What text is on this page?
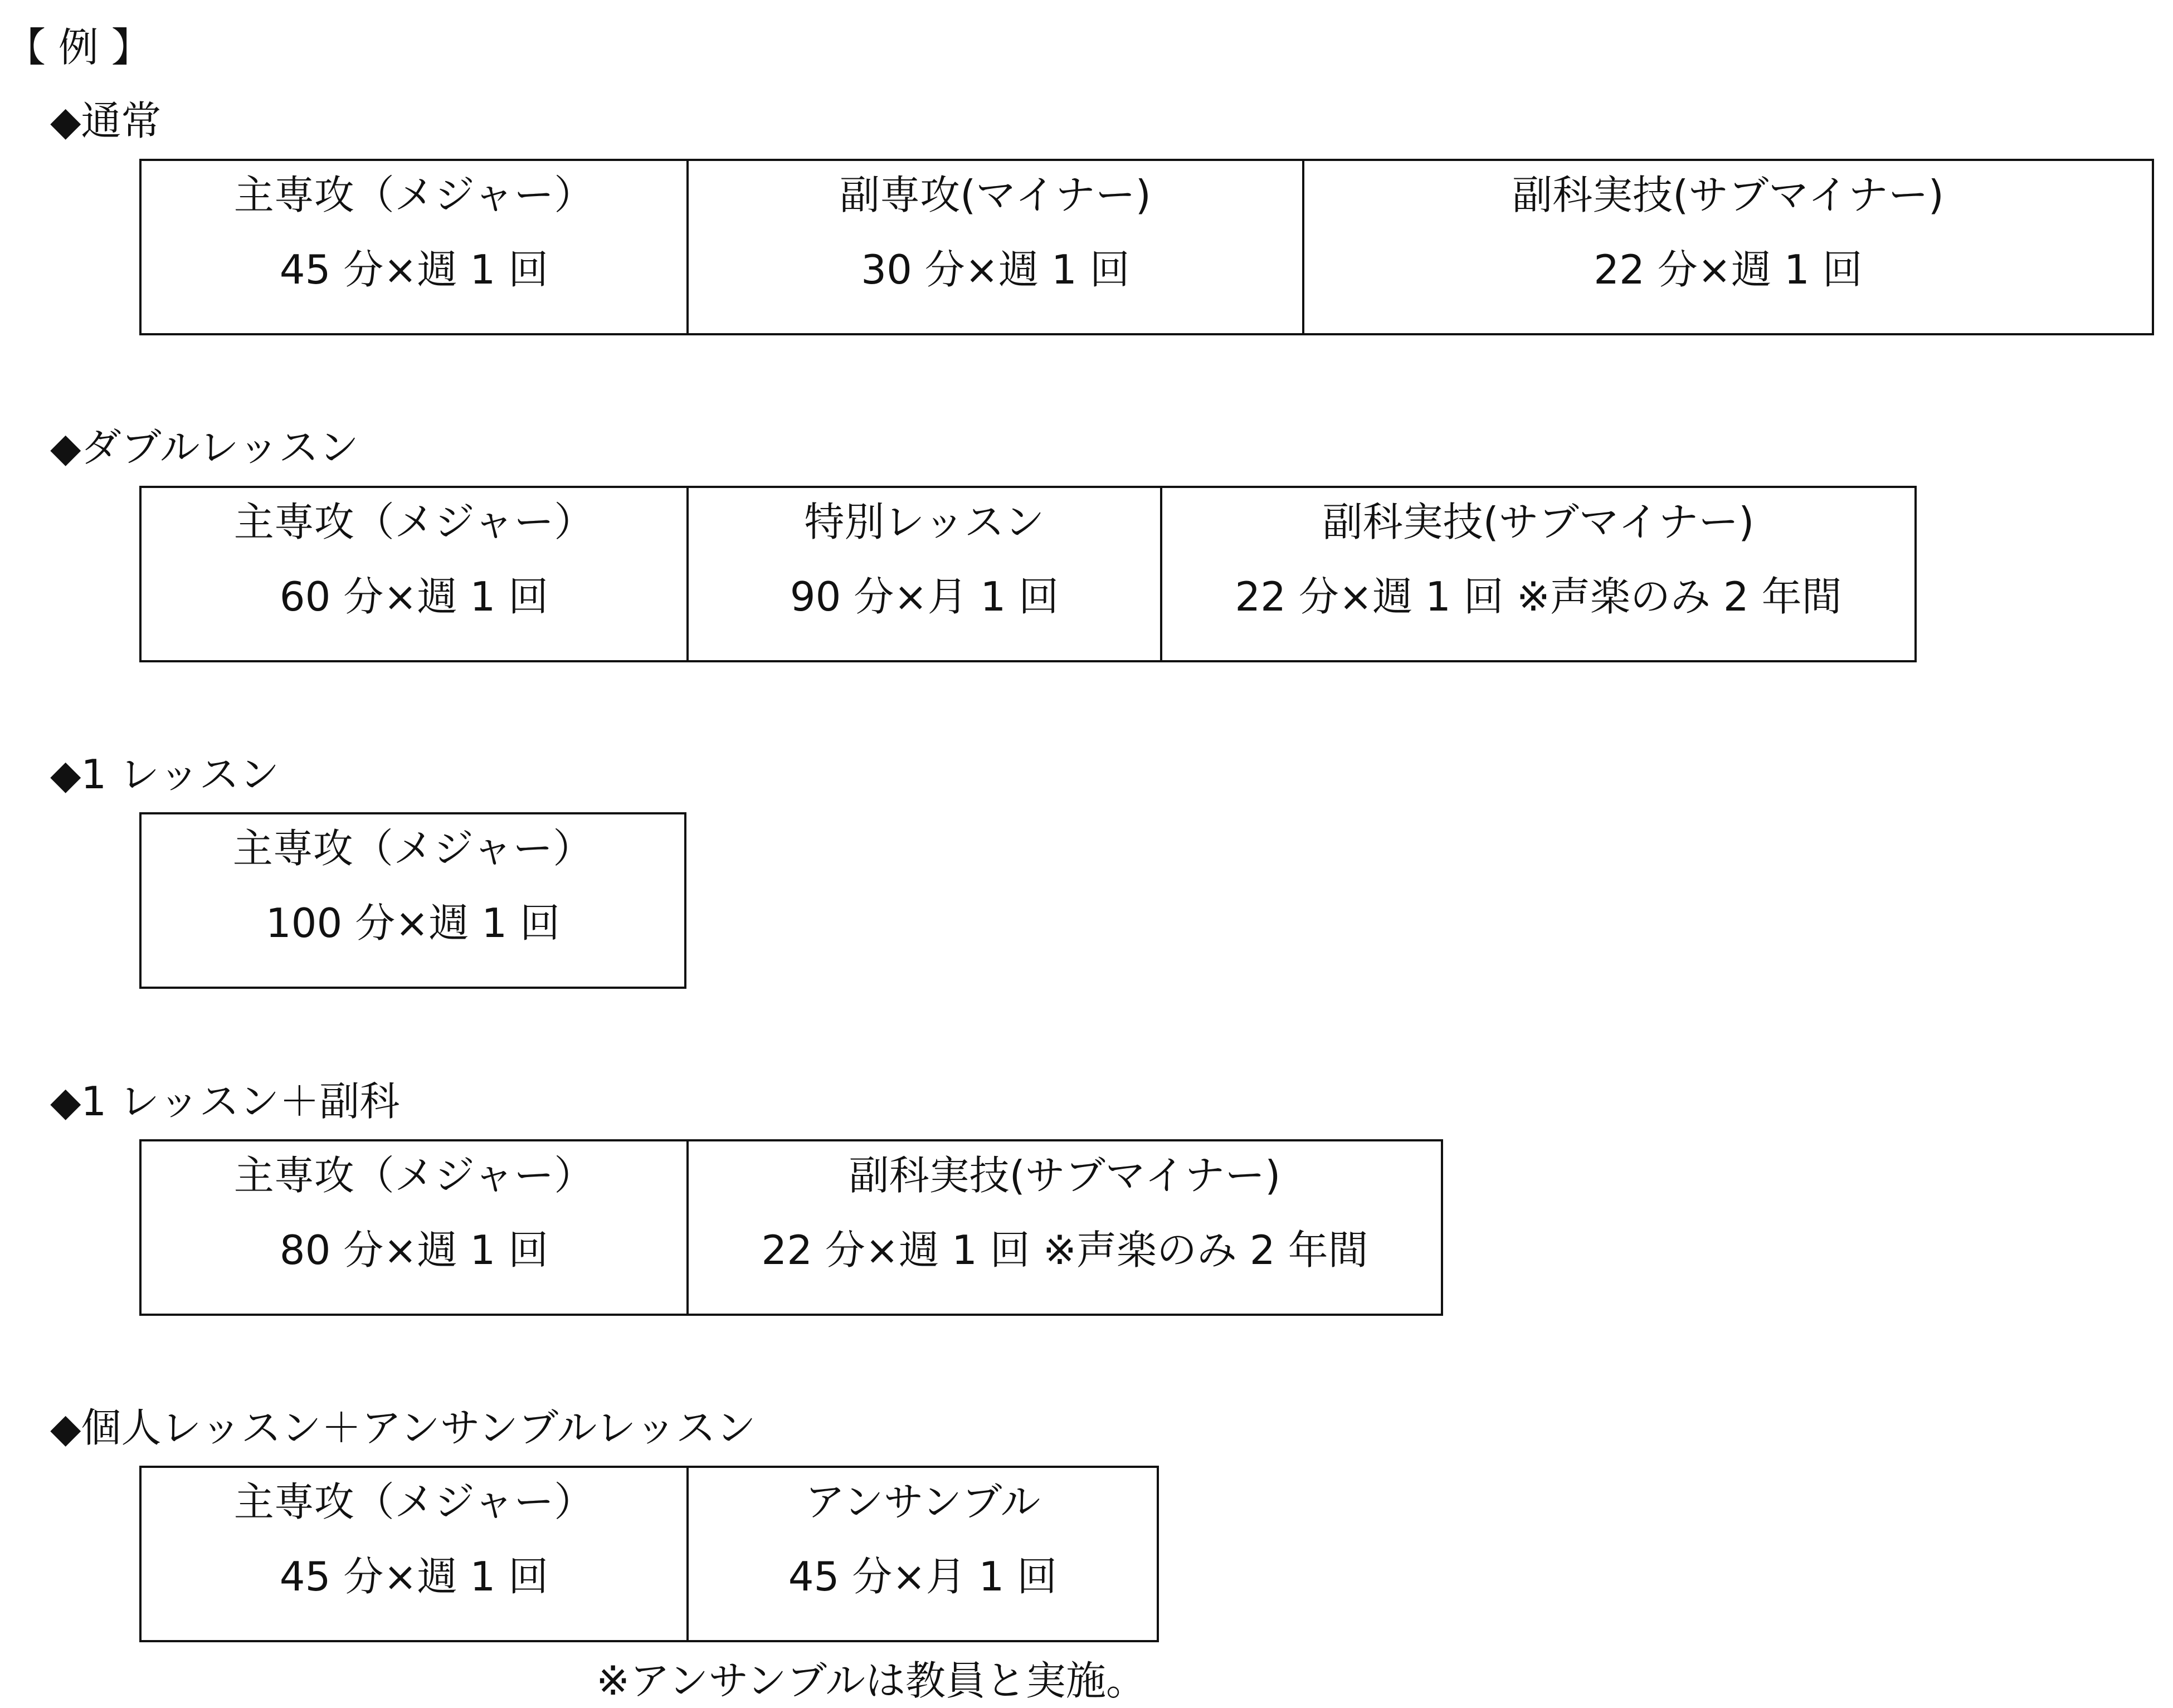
【 例 】
◆通常
主専攻（メジャー）
45 分×週 1 回
副専攻(マイナー)
30 分×週 1 回
副科実技(サブマイナー)
22 分×週 1 回
◆ダブルレッスン
主専攻（メジャー）
60 分×週 1 回
特別レッスン
90 分×月 1 回
副科実技(サブマイナー)
22 分×週 1 回 ※声楽のみ 2 年間
◆1 レッスン
主専攻（メジャー）
100 分×週 1 回
◆1 レッスン＋副科
主専攻（メジャー）
80 分×週 1 回
副科実技(サブマイナー)
22 分×週 1 回 ※声楽のみ 2 年間
◆個人レッスン＋アンサンブルレッスン
主専攻（メジャー）
45 分×週 1 回
アンサンブル
45 分×月 1 回
※アンサンブルは教員と実施。
